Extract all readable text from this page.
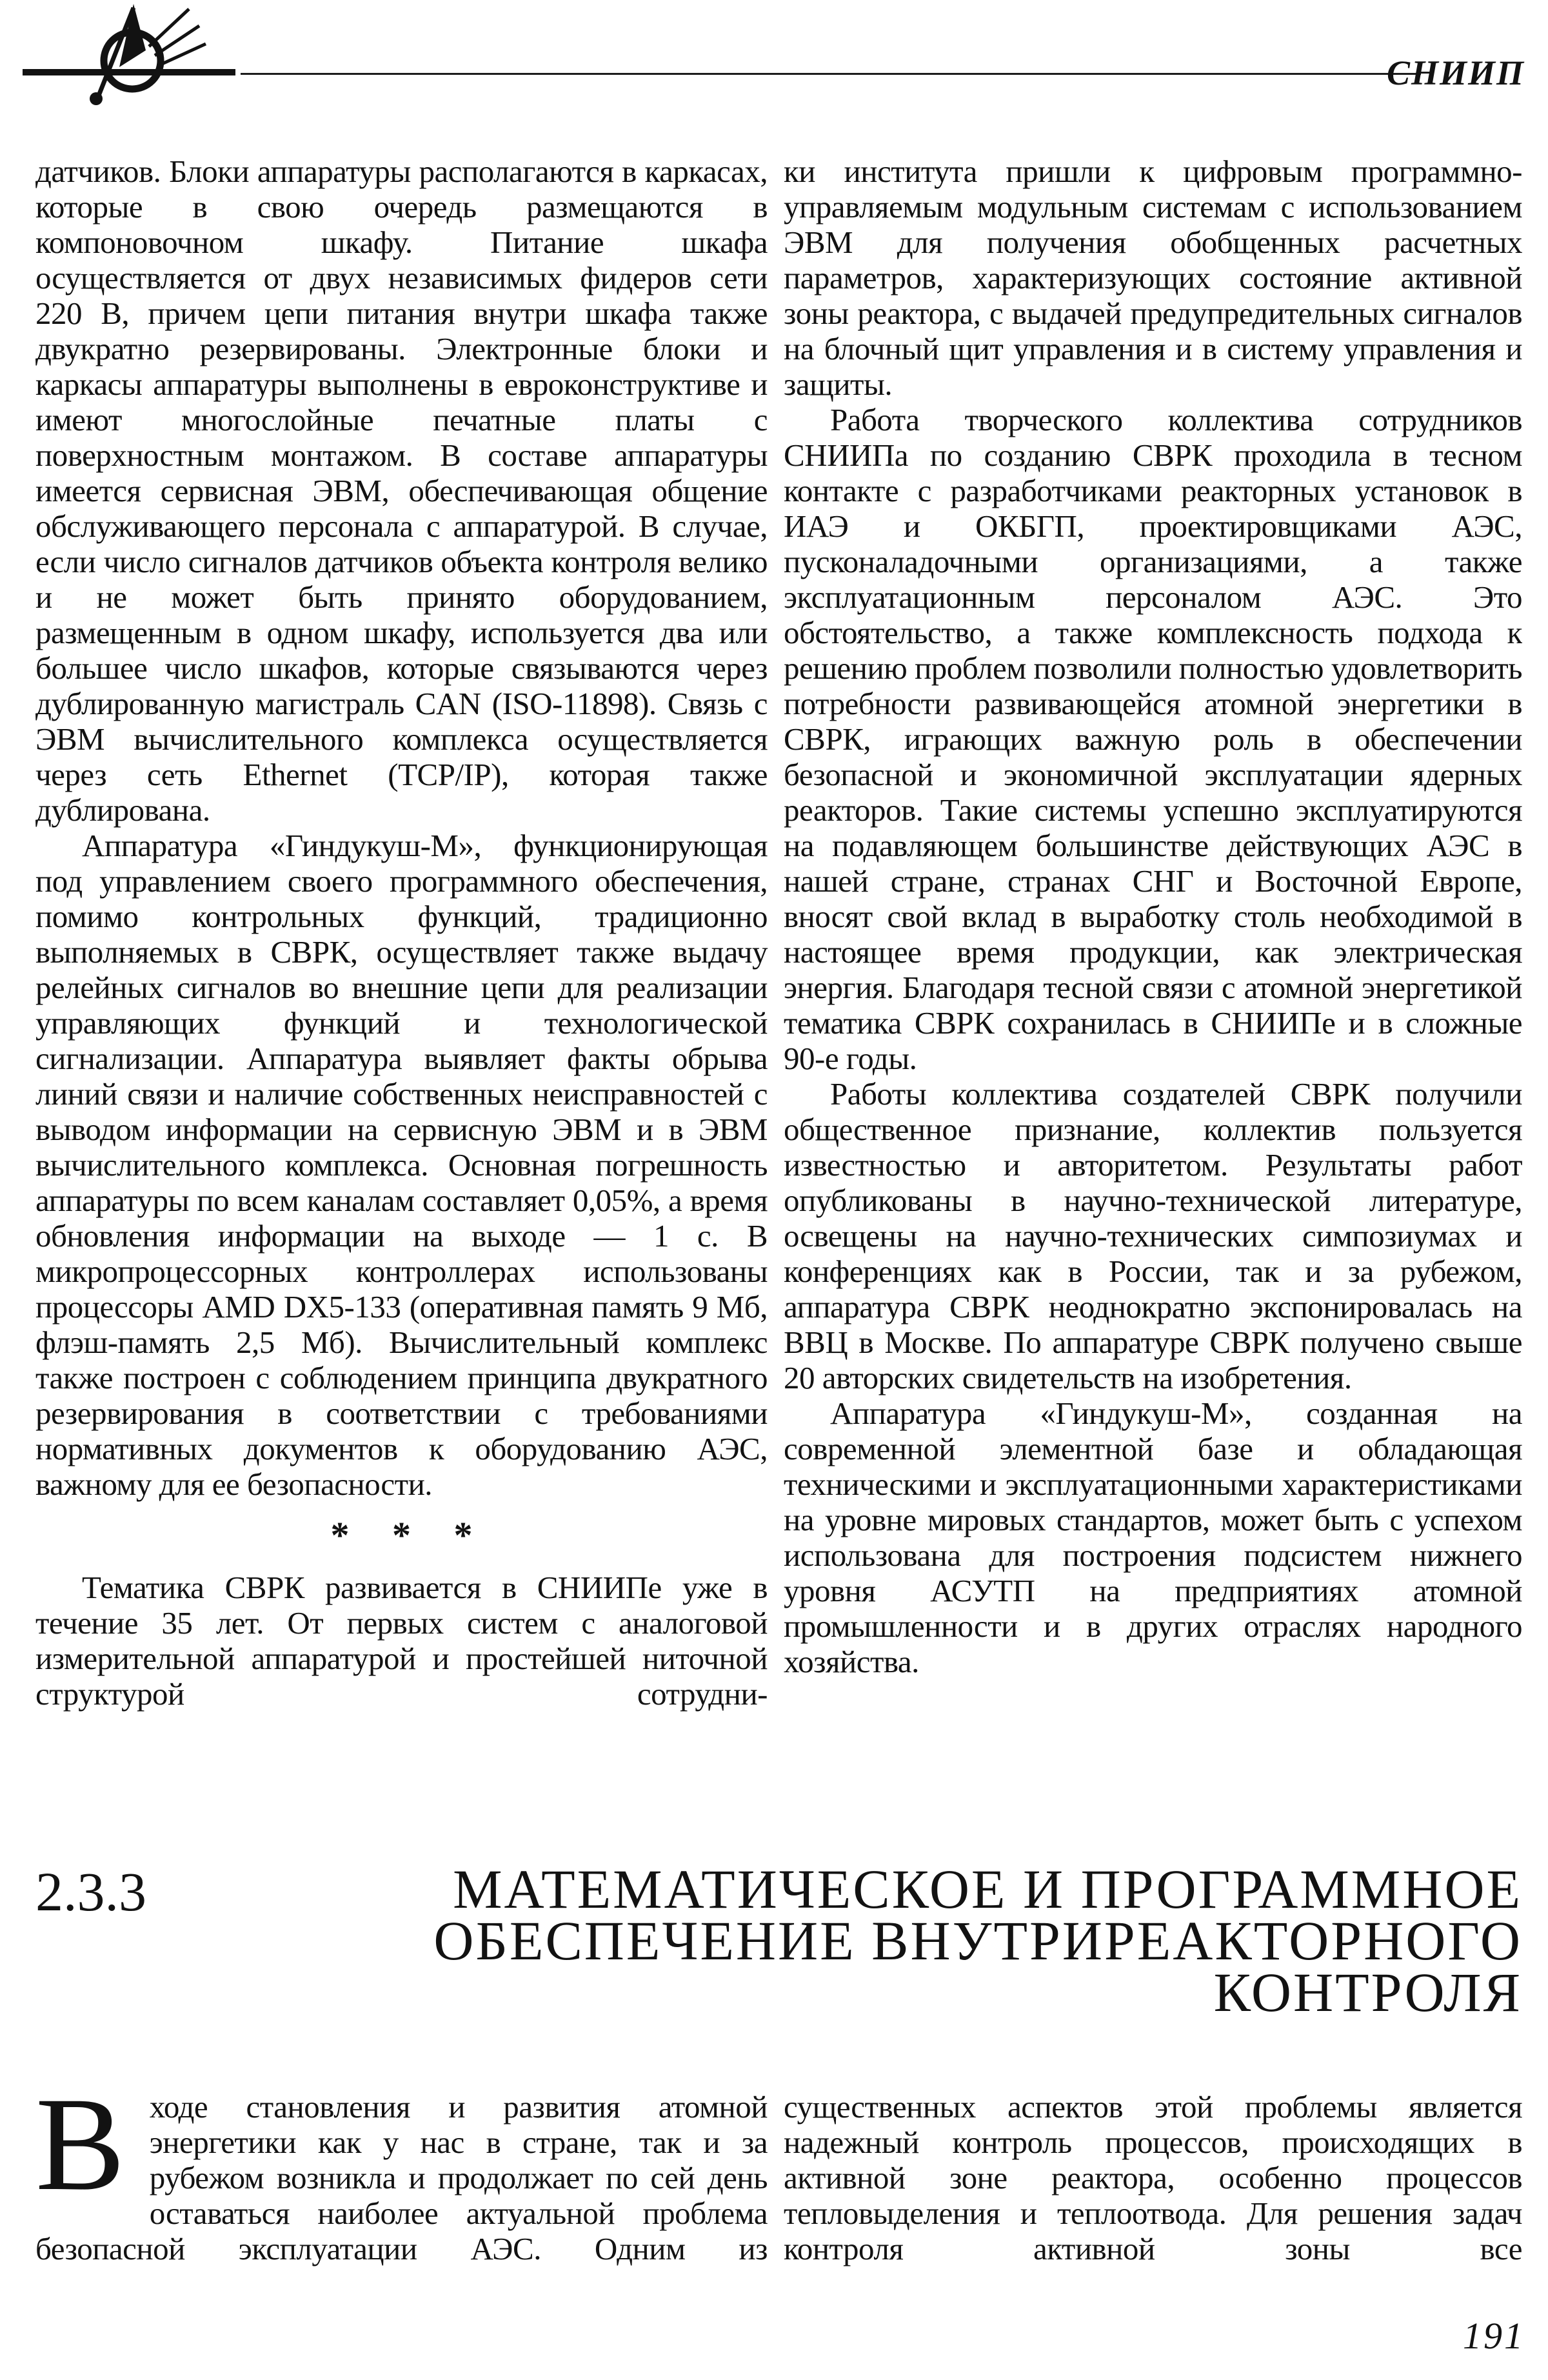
СНИИП

датчиков. Блоки аппаратуры располагаются в каркасах, которые в свою очередь размещаются в компоновочном шкафу. Питание шкафа осуществляется от двух независимых фидеров сети 220 В, причем цепи питания внутри шкафа также двукратно резервированы. Электронные блоки и каркасы аппаратуры выполнены в евроконструктиве и имеют многослойные печатные платы с поверхностным монтажом. В составе аппаратуры имеется сервисная ЭВМ, обеспечивающая общение обслуживающего персонала с аппаратурой. В случае, если число сигналов датчиков объекта контроля велико и не может быть принято оборудованием, размещенным в одном шкафу, используется два или большее число шкафов, которые связываются через дублированную магистраль CAN (ISO-11898). Связь с ЭВМ вычислительного комплекса осуществляется через сеть Ethernet (TCP/IP), которая также дублирована.

Аппаратура «Гиндукуш-М», функционирующая под управлением своего программного обеспечения, помимо контрольных функций, традиционно выполняемых в СВРК, осуществляет также выдачу релейных сигналов во внешние цепи для реализации управляющих функций и технологической сигнализации. Аппаратура выявляет факты обрыва линий связи и наличие собственных неисправностей с выводом информации на сервисную ЭВМ и в ЭВМ вычислительного комплекса. Основная погрешность аппаратуры по всем каналам составляет 0,05%, а время обновления информации на выходе — 1 с. В микропроцессорных контроллерах использованы процессоры AMD DX5-133 (оперативная память 9 Мб, флэш-память 2,5 Мб). Вычислительный комплекс также построен с соблюдением принципа двукратного резервирования в соответствии с требованиями нормативных документов к оборудованию АЭС, важному для ее безопасности.

* * *

Тематика СВРК развивается в СНИИПе уже в течение 35 лет. От первых систем с аналоговой измерительной аппаратурой и простейшей ниточной структурой сотрудни-

ки института пришли к цифровым программно-управляемым модульным системам с использованием ЭВМ для получения обобщенных расчетных параметров, характеризующих состояние активной зоны реактора, с выдачей предупредительных сигналов на блочный щит управления и в систему управления и защиты.

Работа творческого коллектива сотрудников СНИИПа по созданию СВРК проходила в тесном контакте с разработчиками реакторных установок в ИАЭ и ОКБГП, проектировщиками АЭС, пусконаладочными организациями, а также эксплуатационным персоналом АЭС. Это обстоятельство, а также комплексность подхода к решению проблем позволили полностью удовлетворить потребности развивающейся атомной энергетики в СВРК, играющих важную роль в обеспечении безопасной и экономичной эксплуатации ядерных реакторов. Такие системы успешно эксплуатируются на подавляющем большинстве действующих АЭС в нашей стране, странах СНГ и Восточной Европе, вносят свой вклад в выработку столь необходимой в настоящее время продукции, как электрическая энергия. Благодаря тесной связи с атомной энергетикой тематика СВРК сохранилась в СНИИПе и в сложные 90-е годы.

Работы коллектива создателей СВРК получили общественное признание, коллектив пользуется известностью и авторитетом. Результаты работ опубликованы в научно-технической литературе, освещены на научно-технических симпозиумах и конференциях как в России, так и за рубежом, аппаратура СВРК неоднократно экспонировалась на ВВЦ в Москве. По аппаратуре СВРК получено свыше 20 авторских свидетельств на изобретения.

Аппаратура «Гиндукуш-М», созданная на современной элементной базе и обладающая техническими и эксплуатационными характеристиками на уровне мировых стандартов, может быть с успехом использована для построения подсистем нижнего уровня АСУТП на предприятиях атомной промышленности и в других отраслях народного хозяйства.

2.3.3	МАТЕМАТИЧЕСКОЕ И ПРОГРАММНОЕ
ОБЕСПЕЧЕНИЕ ВНУТРИРЕАКТОРНОГО
КОНТРОЛЯ
В ходе становления и развития атомной энергетики как у нас в стране, так и за рубежом возникла и продолжает по сей день оставаться наиболее актуальной проблема безопасной эксплуатации АЭС. Одним из

существенных аспектов этой проблемы является надежный контроль процессов, происходящих в активной зоне реактора, особенно процессов тепловыделения и теплоотвода. Для решения задач контроля активной зоны все

191
